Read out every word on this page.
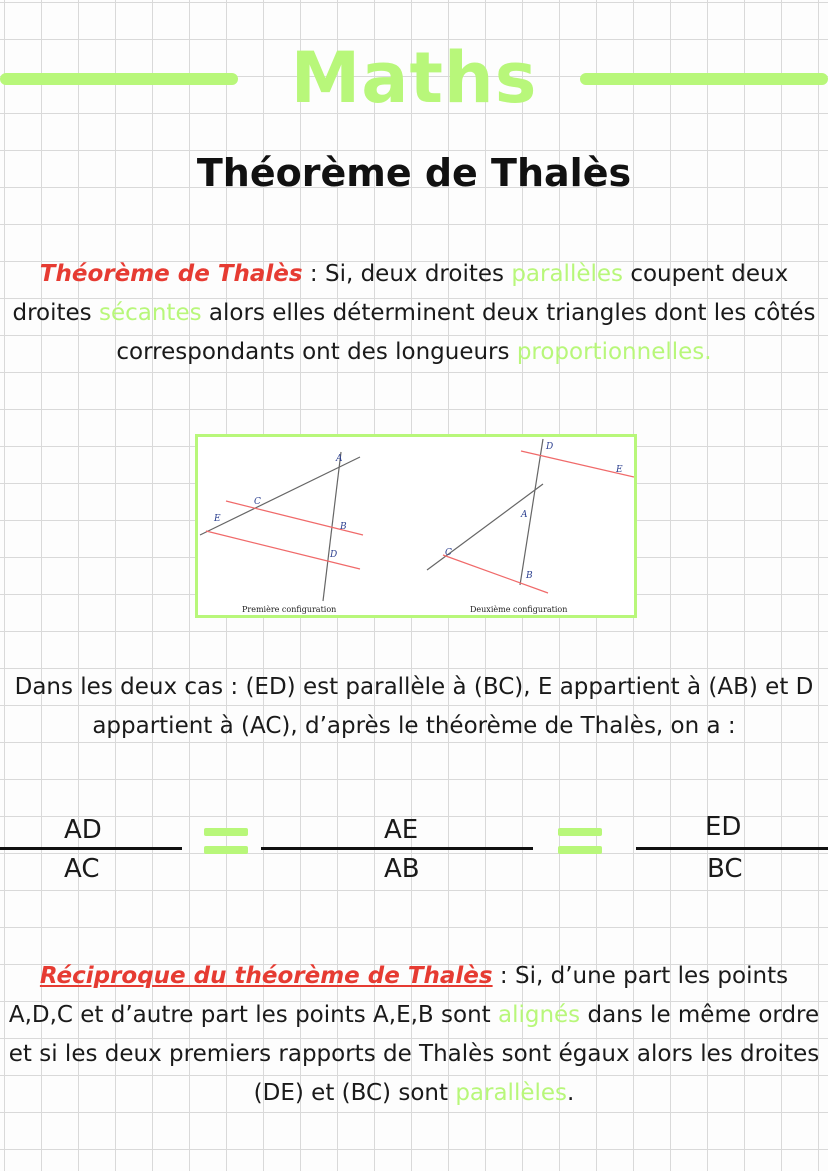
Maths
Théorème de Thalès
Théorème de Thalès : Si, deux droites parallèles coupent deux droites sécantes alors elles déterminent deux triangles dont les côtés correspondants ont des longueurs proportionnelles.
A
C
B
E
D
Première configuration
D
E
A
C
B
Deuxième configuration
Dans les deux cas : (ED) est parallèle à (BC), E appartient à (AB) et D appartient à (AC), d’après le théorème de Thalès, on a :
AD
AC
AE
AB
ED
BC
Réciproque du théorème de Thalès : Si, d’une part les points A,D,C et d’autre part les points A,E,B sont alignés dans le même ordre et si les deux premiers rapports de Thalès sont égaux alors les droites (DE) et (BC) sont parallèles.
